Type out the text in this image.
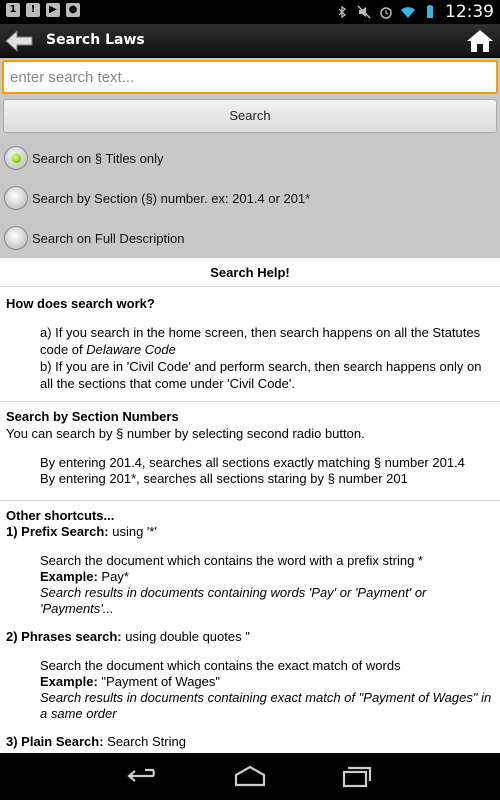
1	!	▶	●	12:39
Search Laws
enter search text...
Search
Search on § Titles only
Search by Section (§) number. ex: 201.4 or 201*
Search on Full Description
Search Help!
How does search work?
a) If you search in the home screen, then search happens on all the Statutes code of Delaware Code
b) If you are in 'Civil Code' and perform search, then search happens only on all the sections that come under 'Civil Code'.
Search by Section Numbers
You can search by § number by selecting second radio button.
By entering 201.4, searches all sections exactly matching § number 201.4
By entering 201*, searches all sections staring by § number 201
Other shortcuts...
1) Prefix Search: using '*'
Search the document which contains the word with a prefix string *
Example: Pay*
Search results in documents containing words 'Pay' or 'Payment' or 'Payments'...
2) Phrases search: using double quotes "
Search the document which contains the exact match of words
Example: "Payment of Wages"
Search results in documents containing exact match of "Payment of Wages" in a same order
3) Plain Search: Search String
